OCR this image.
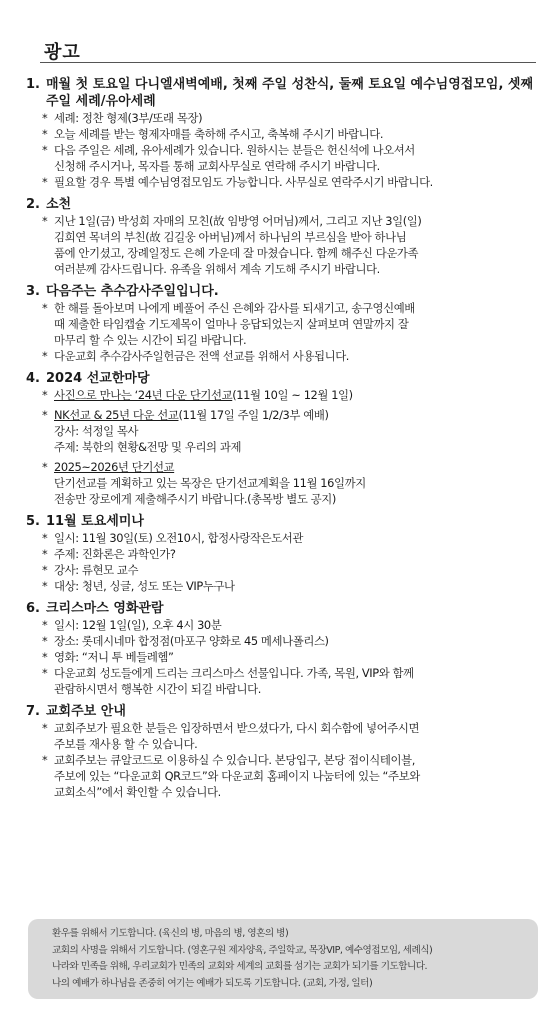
광고
1. 매월 첫 토요일 다니엘새벽예배, 첫째 주일 성찬식, 둘째 토요일 예수님영접모임, 셋째 주일 세례/유아세례
* 세례: 정찬 형제(3부/또래 목장)
* 오늘 세례를 받는 형제자매를 축하해 주시고, 축복해 주시기 바랍니다.
* 다음 주일은 세례, 유아세례가 있습니다. 원하시는 분들은 헌신석에 나오셔서
신청해 주시거나, 목자를 통해 교회사무실로 연락해 주시기 바랍니다.
* 필요할 경우 특별 예수님영접모임도 가능합니다. 사무실로 연락주시기 바랍니다.
2. 소천
* 지난 1일(금) 박성희 자매의 모친(故 임방영 어머님)께서, 그리고 지난 3일(일)
김희연 목녀의 부친(故 김길웅 아버님)께서 하나님의 부르심을 받아 하나님
품에 안기셨고, 장례일정도 은혜 가운데 잘 마쳤습니다. 함께 해주신 다운가족
여러분께 감사드립니다. 유족을 위해서 계속 기도해 주시기 바랍니다.
3. 다음주는 추수감사주일입니다.
* 한 해를 돌아보며 나에게 베풀어 주신 은혜와 감사를 되새기고, 송구영신예배
때 제출한 타임캡슐 기도제목이 얼마나 응답되었는지 살펴보며 연말까지 잘
마무리 할 수 있는 시간이 되길 바랍니다.
* 다운교회 추수감사주일헌금은 전액 선교를 위해서 사용됩니다.
4. 2024 선교한마당
* 사진으로 만나는 ‘24년 다운 단기선교(11월 10일 ~ 12월 1일)
* NK선교 & 25년 다운 선교(11월 17일 주일 1/2/3부 예배)
강사: 석정일 목사
주제: 북한의 현황&전망 및 우리의 과제
* 2025~2026년 단기선교
단기선교를 계획하고 있는 목장은 단기선교계획을 11월 16일까지
전송만 장로에게 제출해주시기 바랍니다.(총목방 별도 공지)
5. 11월 토요세미나
* 일시: 11월 30일(토) 오전10시, 합정사랑작은도서관
* 주제: 진화론은 과학인가?
* 강사: 류현모 교수
* 대상: 청년, 싱글, 성도 또는 VIP누구나
6. 크리스마스 영화관람
* 일시: 12월 1일(일), 오후 4시 30분
* 장소: 롯데시네마 합정점(마포구 양화로 45 메세나폴리스)
* 영화: “저니 투 베들레헴”
* 다운교회 성도들에게 드리는 크리스마스 선물입니다. 가족, 목원, VIP와 함께
관람하시면서 행복한 시간이 되길 바랍니다.
7. 교회주보 안내
* 교회주보가 필요한 분들은 입장하면서 받으셨다가, 다시 회수함에 넣어주시면
주보를 재사용 할 수 있습니다.
* 교회주보는 큐알코드로 이용하실 수 있습니다. 본당입구, 본당 접이식테이블,
주보에 있는 “다운교회 QR코드”와 다운교회 홈페이지 나눔터에 있는 “주보와
교회소식”에서 확인할 수 있습니다.
환우를 위해서 기도합니다. (육신의 병, 마음의 병, 영혼의 병)
교회의 사명을 위해서 기도합니다. (영혼구원 제자양육, 주일학교, 목장VIP, 예수영접모임, 세례식)
나라와 민족을 위해, 우리교회가 민족의 교회와 세계의 교회를 섬기는 교회가 되기를 기도합니다.
나의 예배가 하나님을 존중히 여기는 예배가 되도록 기도합니다. (교회, 가정, 일터)
